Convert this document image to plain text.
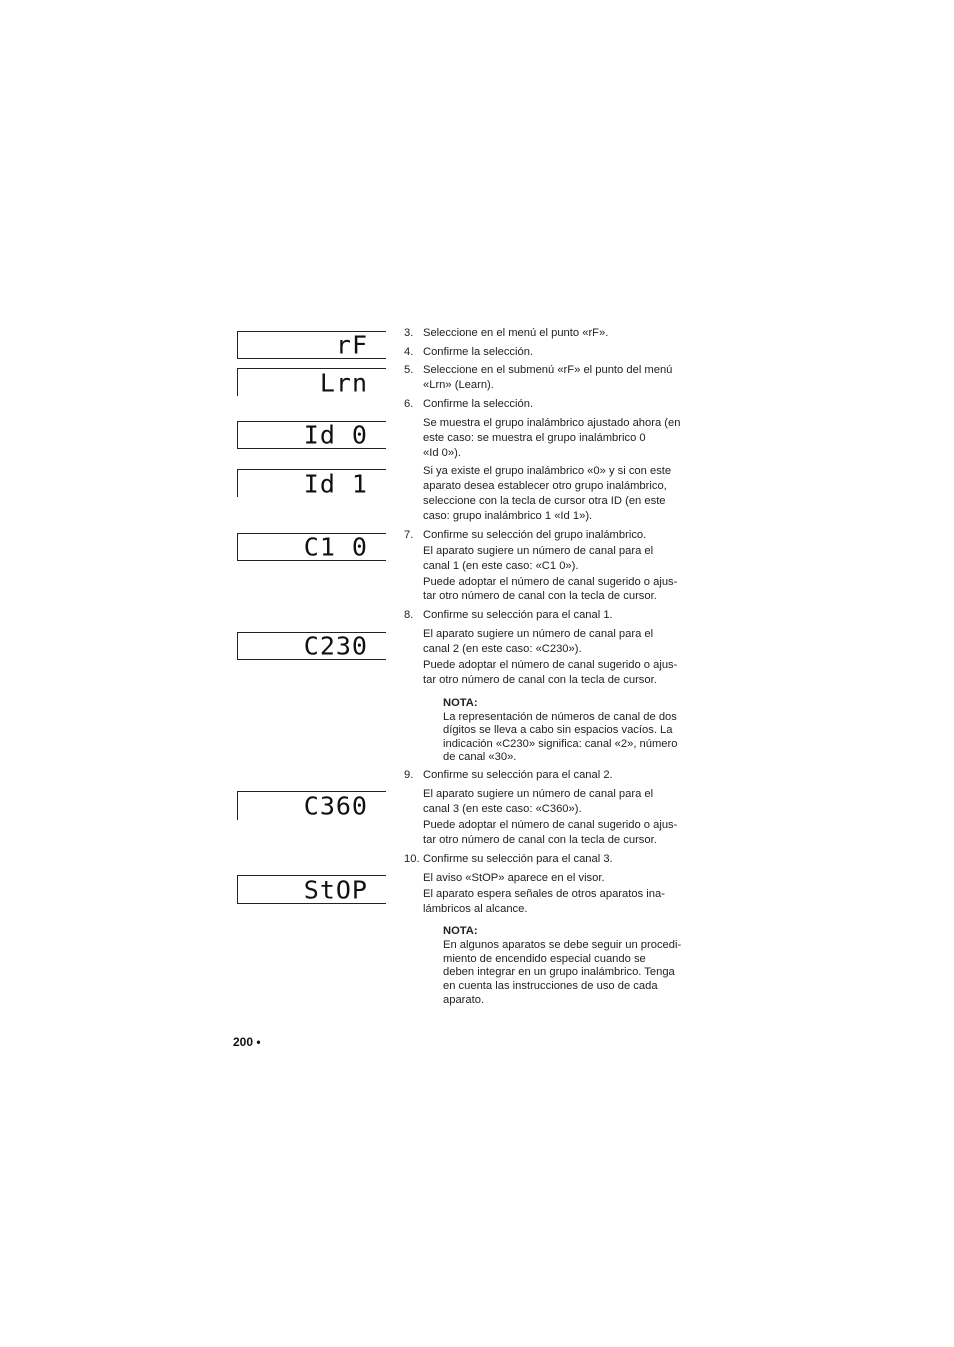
rF
Lrn
Id 0
Id 1
C1 0
C230
C360
StOP
3. Seleccione en el menú el punto «rF».
4. Confirme la selección.
5. Seleccione en el submenú «rF» el punto del menú
«Lrn» (Learn).
6. Confirme la selección.
Se muestra el grupo inalámbrico ajustado ahora (en
este caso: se muestra el grupo inalámbrico 0
«Id 0»).
Si ya existe el grupo inalámbrico «0» y si con este
aparato desea establecer otro grupo inalámbrico,
seleccione con la tecla de cursor otra ID (en este
caso: grupo inalámbrico 1 «Id 1»).
7. Confirme su selección del grupo inalámbrico.
El aparato sugiere un número de canal para el
canal 1 (en este caso: «C1 0»).
Puede adoptar el número de canal sugerido o ajus-
tar otro número de canal con la tecla de cursor.
8. Confirme su selección para el canal 1.
El aparato sugiere un número de canal para el
canal 2 (en este caso: «C230»).
Puede adoptar el número de canal sugerido o ajus-
tar otro número de canal con la tecla de cursor.
NOTA:
La representación de números de canal de dos
dígitos se lleva a cabo sin espacios vacíos. La
indicación «C230» significa: canal «2», número
de canal «30».
9. Confirme su selección para el canal 2.
El aparato sugiere un número de canal para el
canal 3 (en este caso: «C360»).
Puede adoptar el número de canal sugerido o ajus-
tar otro número de canal con la tecla de cursor.
10. Confirme su selección para el canal 3.
El aviso «StOP» aparece en el visor.
El aparato espera señales de otros aparatos ina-
lámbricos al alcance.
NOTA:
En algunos aparatos se debe seguir un procedi-
miento de encendido especial cuando se
deben integrar en un grupo inalámbrico. Tenga
en cuenta las instrucciones de uso de cada
aparato.
200 •
